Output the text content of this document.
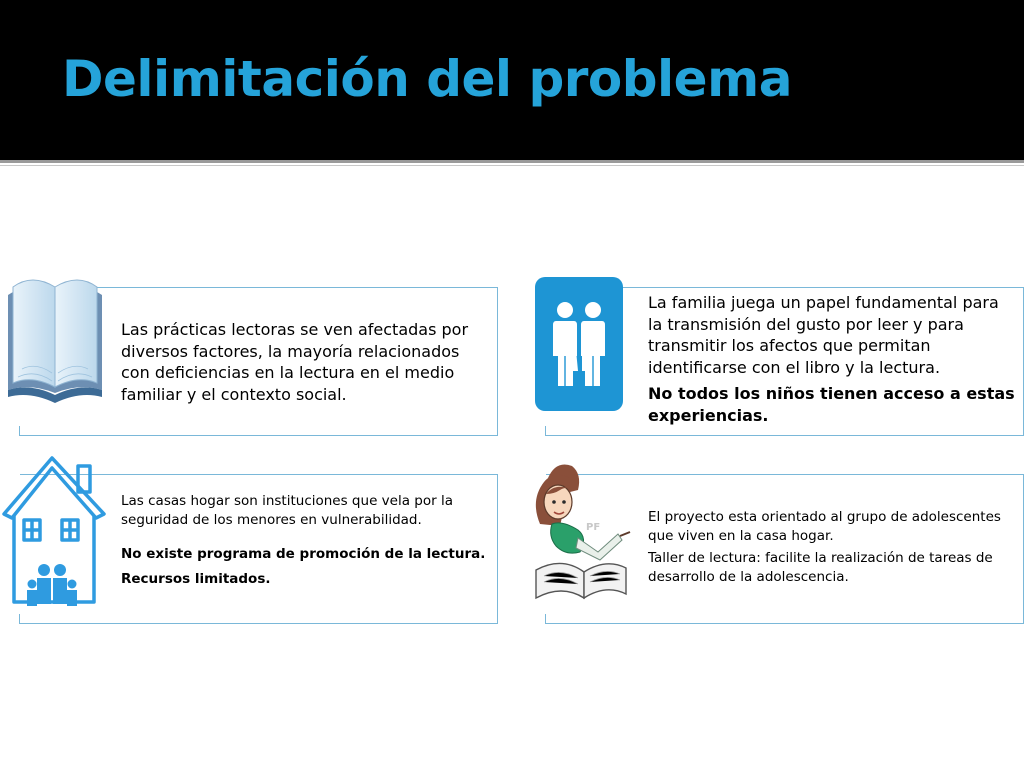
Delimitación del problema

Las prácticas lectoras se ven afectadas por diversos factores, la mayoría relacionados con deficiencias en la lectura en el medio familiar y el contexto social.

La familia juega un papel fundamental para la transmisión del gusto por leer y para transmitir los afectos que permitan identificarse con el libro y la lectura.

No todos los niños tienen acceso a estas experiencias.

Las casas hogar son instituciones que vela por la seguridad de los menores en vulnerabilidad.

No existe programa de promoción de la lectura.

Recursos limitados.

PF

El proyecto esta orientado al grupo de adolescentes que viven en la casa hogar.

Taller de lectura: facilite la realización de tareas de desarrollo de la adolescencia.
